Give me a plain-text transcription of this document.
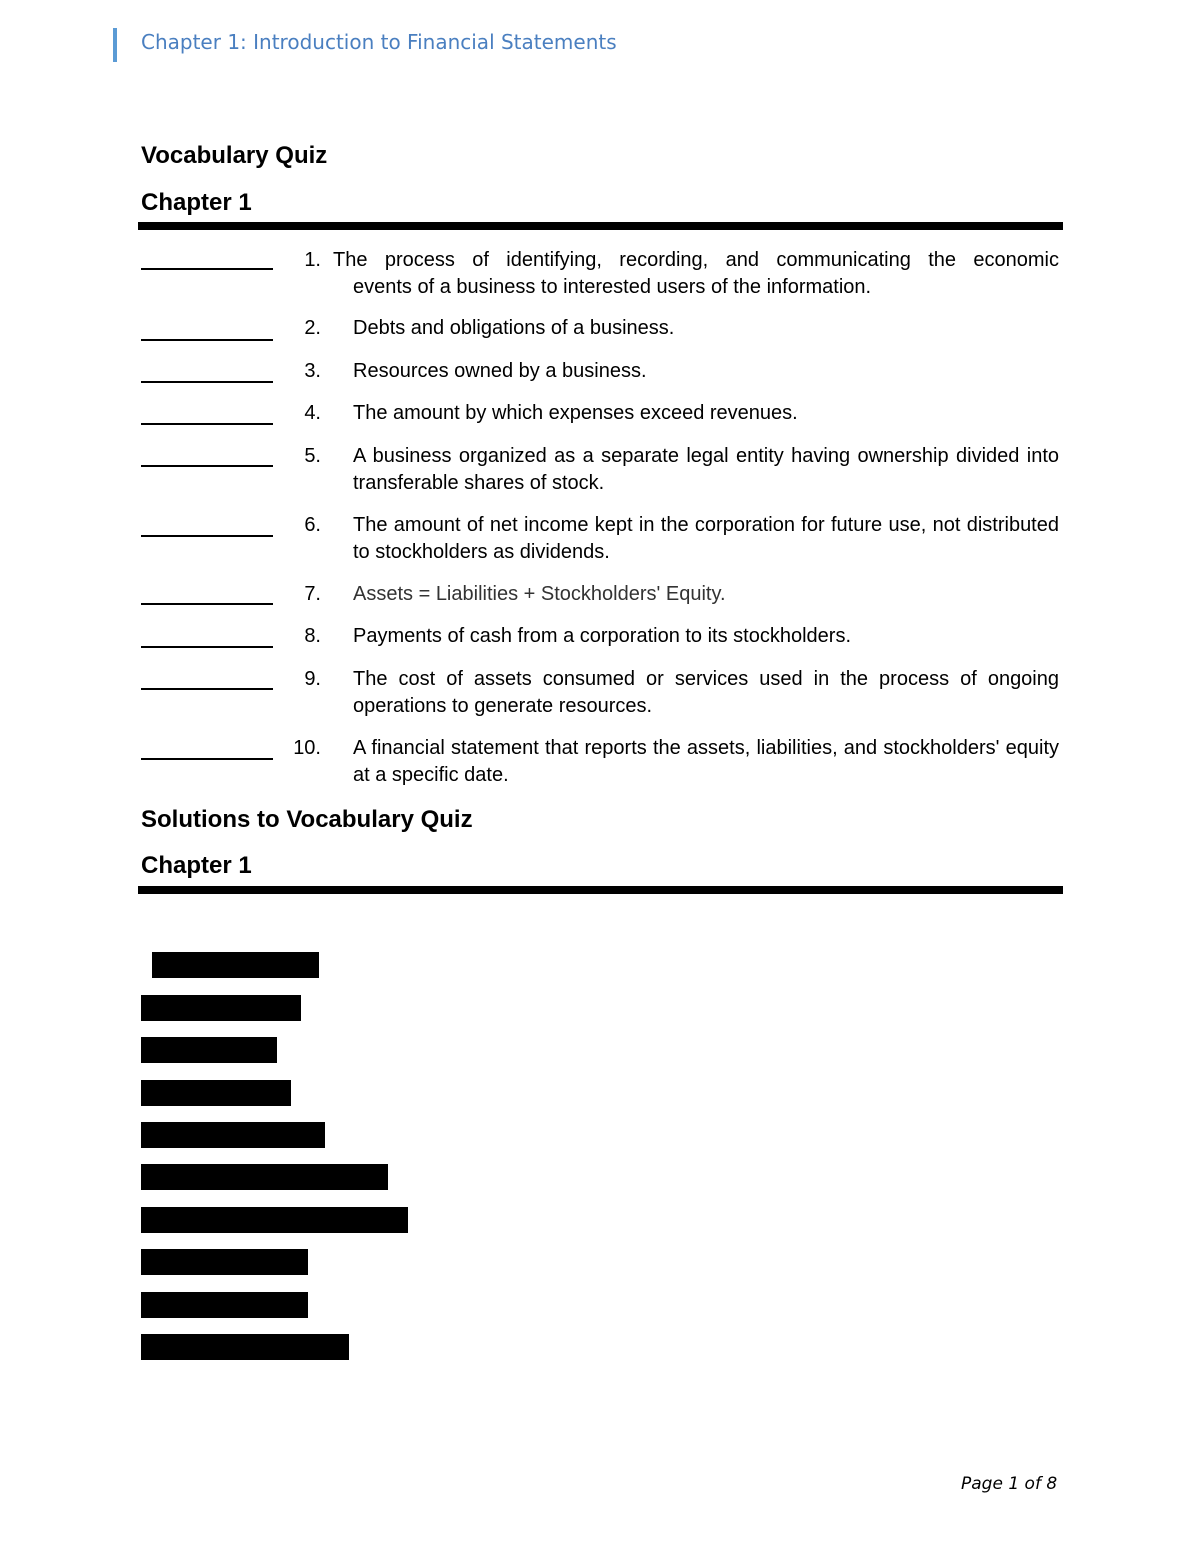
Chapter 1: Introduction to Financial Statements
Vocabulary Quiz
Chapter 1
1. The process of identifying, recording, and communicating the economic
events of a business to interested users of the information.
2. Debts and obligations of a business.
3. Resources owned by a business.
4. The amount by which expenses exceed revenues.
5. A business organized as a separate legal entity having ownership divided into transferable shares of stock.
6. The amount of net income kept in the corporation for future use, not distributed to stockholders as dividends.
7. Assets = Liabilities + Stockholders' Equity.
8. Payments of cash from a corporation to its stockholders.
9. The cost of assets consumed or services used in the process of ongoing operations to generate resources.
10. A financial statement that reports the assets, liabilities, and stockholders' equity at a specific date.
Solutions to Vocabulary Quiz
Chapter 1
Page 1 of 8
